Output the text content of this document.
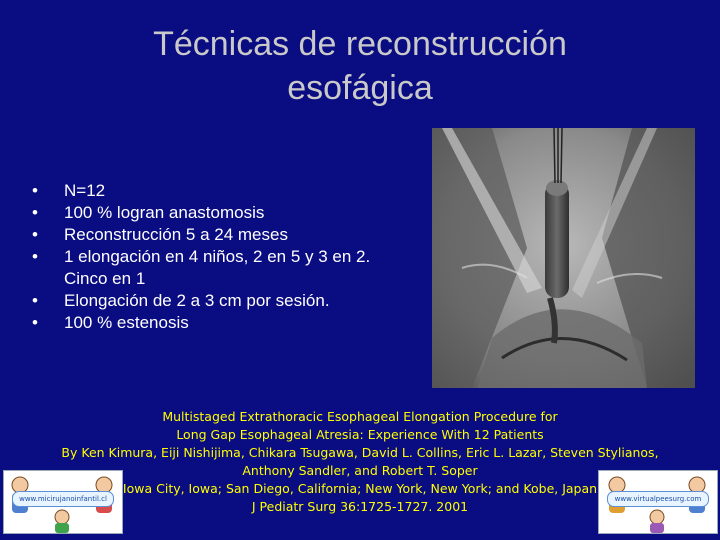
Técnicas de reconstrucción
esofágica
• N=12
• 100 % logran anastomosis
• Reconstrucción 5 a 24 meses
• 1 elongación en 4 niños, 2 en 5 y 3 en 2. Cinco en 1
• Elongación de 2 a 3 cm por sesión.
• 100 % estenosis
Multistaged Extrathoracic Esophageal Elongation Procedure for
Long Gap Esophageal Atresia: Experience With 12 Patients
By Ken Kimura, Eiji Nishijima, Chikara Tsugawa, David L. Collins, Eric L. Lazar, Steven Stylianos,
Anthony Sandler, and Robert T. Soper
Iowa City, Iowa; San Diego, California; New York, New York; and Kobe, Japan
J Pediatr Surg 36:1725-1727. 2001
www.micirujanoinfantil.cl	www.virtualpeesurg.com
